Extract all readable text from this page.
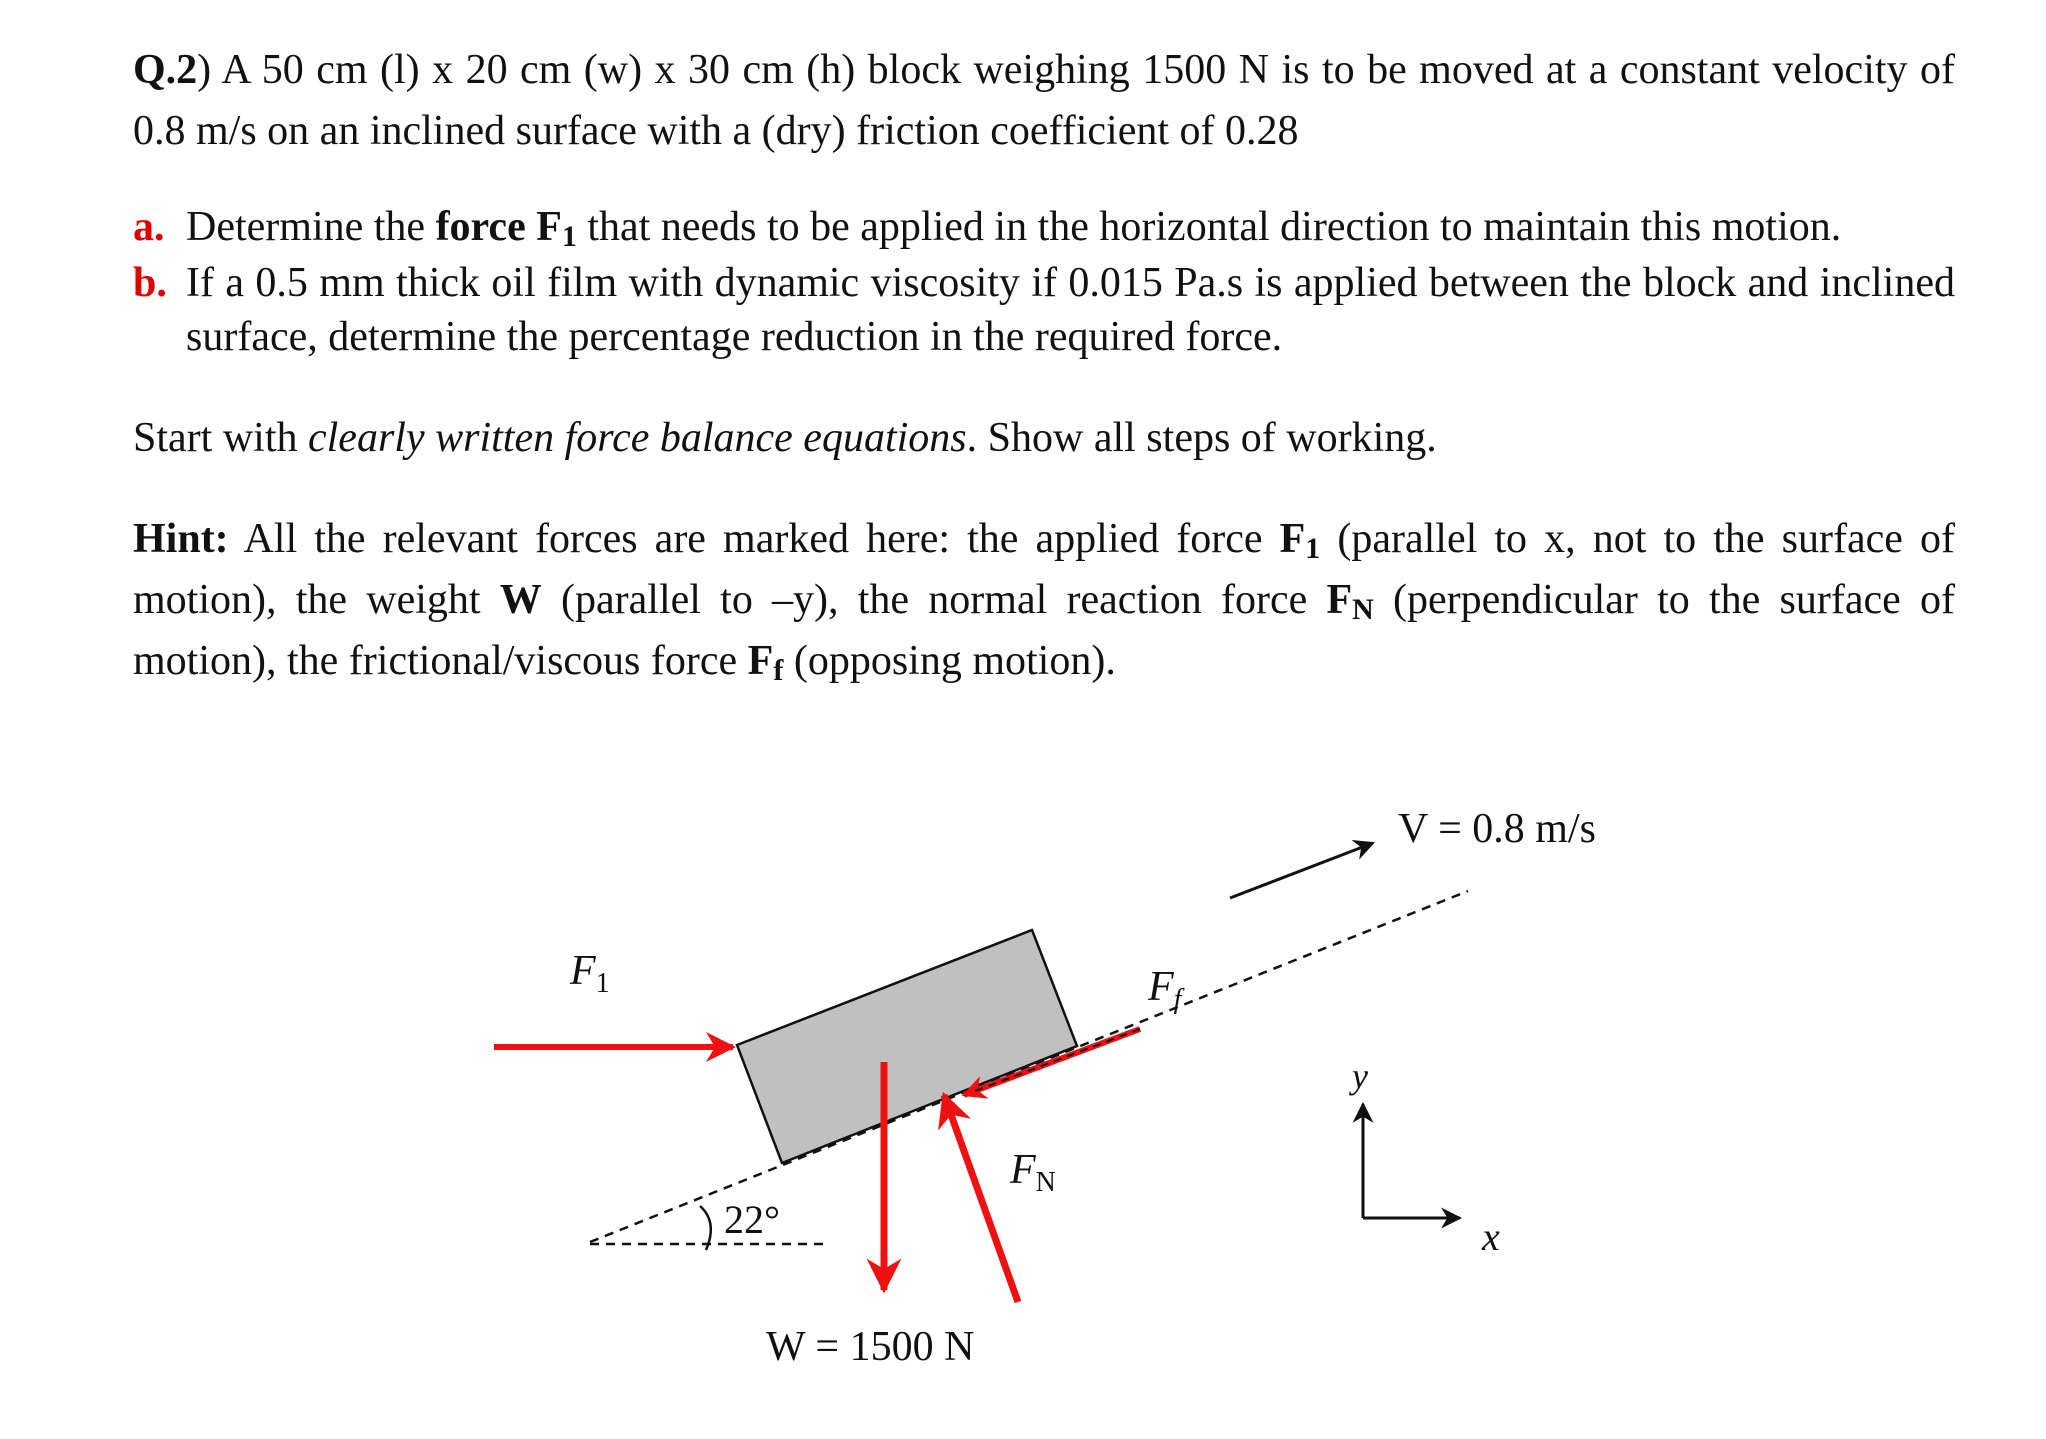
Q.2) A 50 cm (l) x 20 cm (w) x 30 cm (h) block weighing 1500 N is to be moved at a constant velocity of 0.8 m/s on an inclined surface with a (dry) friction coefficient of 0.28

a. Determine the force $F_1$ that needs to be applied in the horizontal direction to maintain this motion.
b. If a 0.5 mm thick oil film with dynamic viscosity if 0.015 Pa.s is applied between the block and inclined surface, determine the percentage reduction in the required force.

Start with clearly written force balance equations. Show all steps of working.

Hint: All the relevant forces are marked here: the applied force $F_1$ (parallel to x, not to the surface of motion), the weight W (parallel to –y), the normal reaction force $F_N$ (perpendicular to the surface of motion), the frictional/viscous force $F_f$ (opposing motion).

22°
V = 0.8 m/s
F1	Ff
FN
W = 1500 N
y
x
